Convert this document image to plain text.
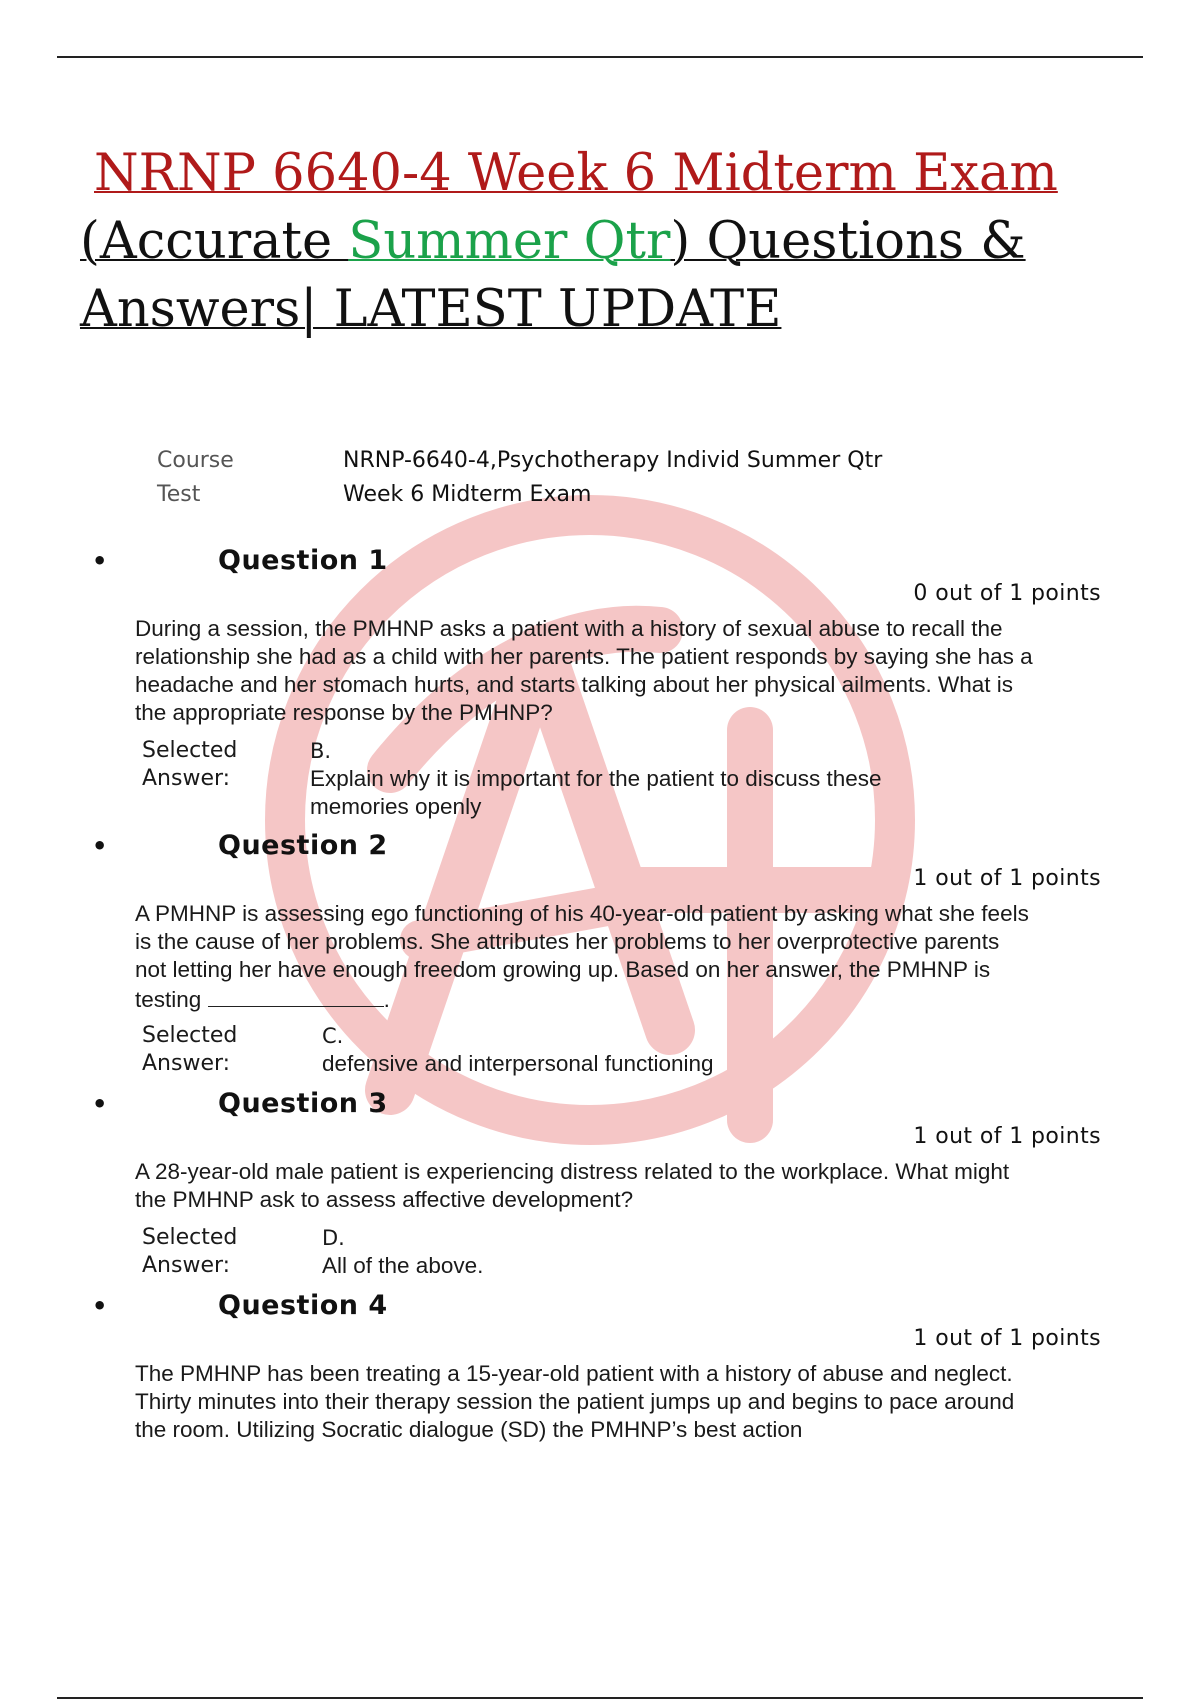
NRNP 6640-4 Week 6 Midterm Exam
(Accurate Summer Qtr) Questions &
Answers| LATEST UPDATE
Course	NRNP-6640-4,Psychotherapy Individ Summer Qtr
Test	Week 6 Midterm Exam
•	Question 1
0 out of 1 points
During a session, the PMHNP asks a patient with a history of sexual abuse to recall the relationship she had as a child with her parents. The patient responds by saying she has a headache and her stomach hurts, and starts talking about her physical ailments. What is the appropriate response by the PMHNP?
Selected Answer:
B.
Explain why it is important for the patient to discuss these memories openly
•	Question 2
1 out of 1 points
A PMHNP is assessing ego functioning of his 40-year-old patient by asking what she feels is the cause of her problems. She attributes her problems to her overprotective parents not letting her have enough freedom growing up. Based on her answer, the PMHNP is testing	.
Selected Answer:
C.
defensive and interpersonal functioning
•	Question 3
1 out of 1 points
A 28-year-old male patient is experiencing distress related to the workplace. What might the PMHNP ask to assess affective development?
Selected Answer:
D.
All of the above.
•	Question 4
1 out of 1 points
The PMHNP has been treating a 15-year-old patient with a history of abuse and neglect. Thirty minutes into their therapy session the patient jumps up and begins to pace around the room. Utilizing Socratic dialogue (SD) the PMHNP’s best action
